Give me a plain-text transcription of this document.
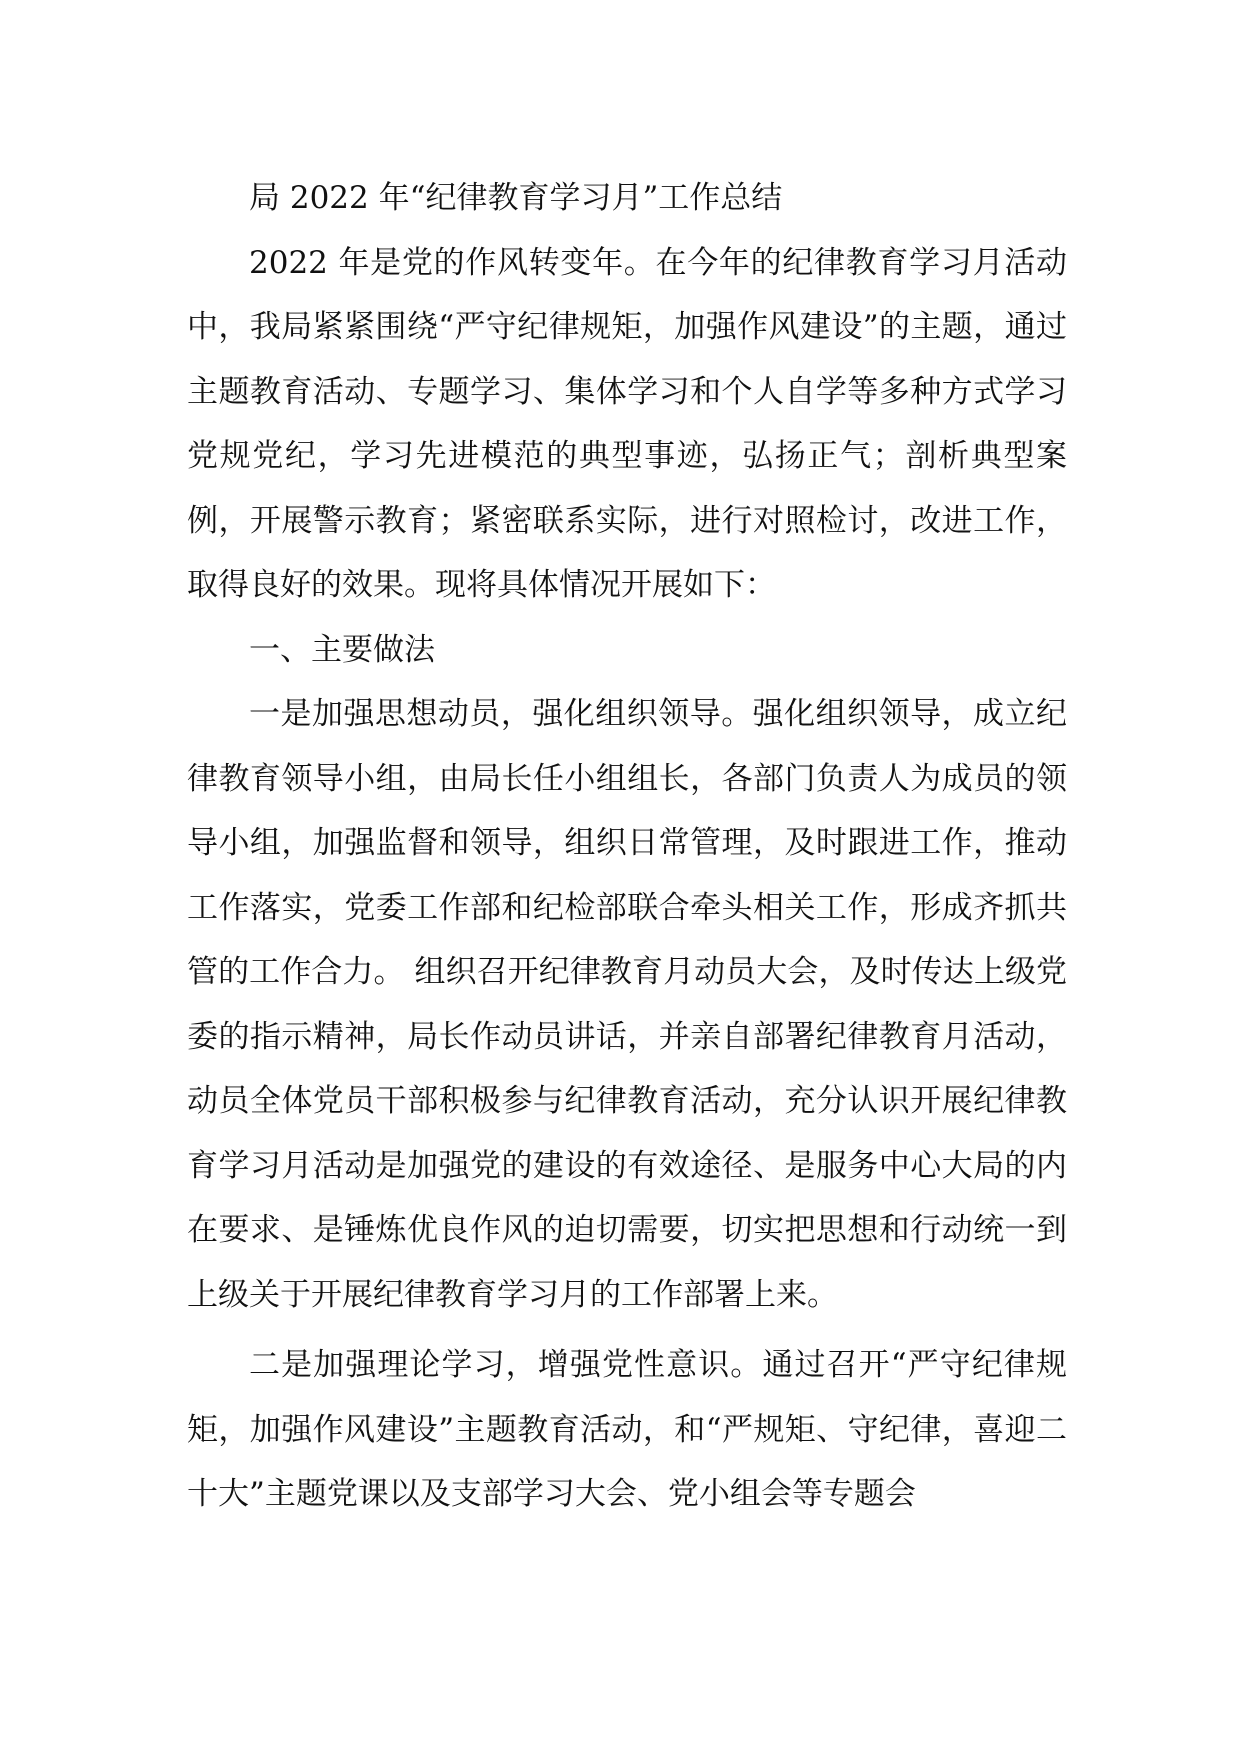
局 2022 年“纪律教育学习月”工作总结

2022 年是党的作风转变年。在今年的纪律教育学习月活动中，我局紧紧围绕“严守纪律规矩，加强作风建设”的主题，通过主题教育活动、专题学习、集体学习和个人自学等多种方式学习党规党纪，学习先进模范的典型事迹，弘扬正气；剖析典型案例，开展警示教育；紧密联系实际，进行对照检讨，改进工作，取得良好的效果。现将具体情况开展如下：

一、主要做法

一是加强思想动员，强化组织领导。强化组织领导，成立纪律教育领导小组，由局长任小组组长，各部门负责人为成员的领导小组，加强监督和领导，组织日常管理，及时跟进工作，推动工作落实，党委工作部和纪检部联合牵头相关工作，形成齐抓共管的工作合力。 组织召开纪律教育月动员大会，及时传达上级党委的指示精神，局长作动员讲话，并亲自部署纪律教育月活动，动员全体党员干部积极参与纪律教育活动，充分认识开展纪律教育学习月活动是加强党的建设的有效途径、是服务中心大局的内在要求、是锤炼优良作风的迫切需要，切实把思想和行动统一到上级关于开展纪律教育学习月的工作部署上来。

二是加强理论学习，增强党性意识。通过召开“严守纪律规矩，加强作风建设”主题教育活动，和“严规矩、守纪律，喜迎二十大”主题党课以及支部学习大会、党小组会等专题会
